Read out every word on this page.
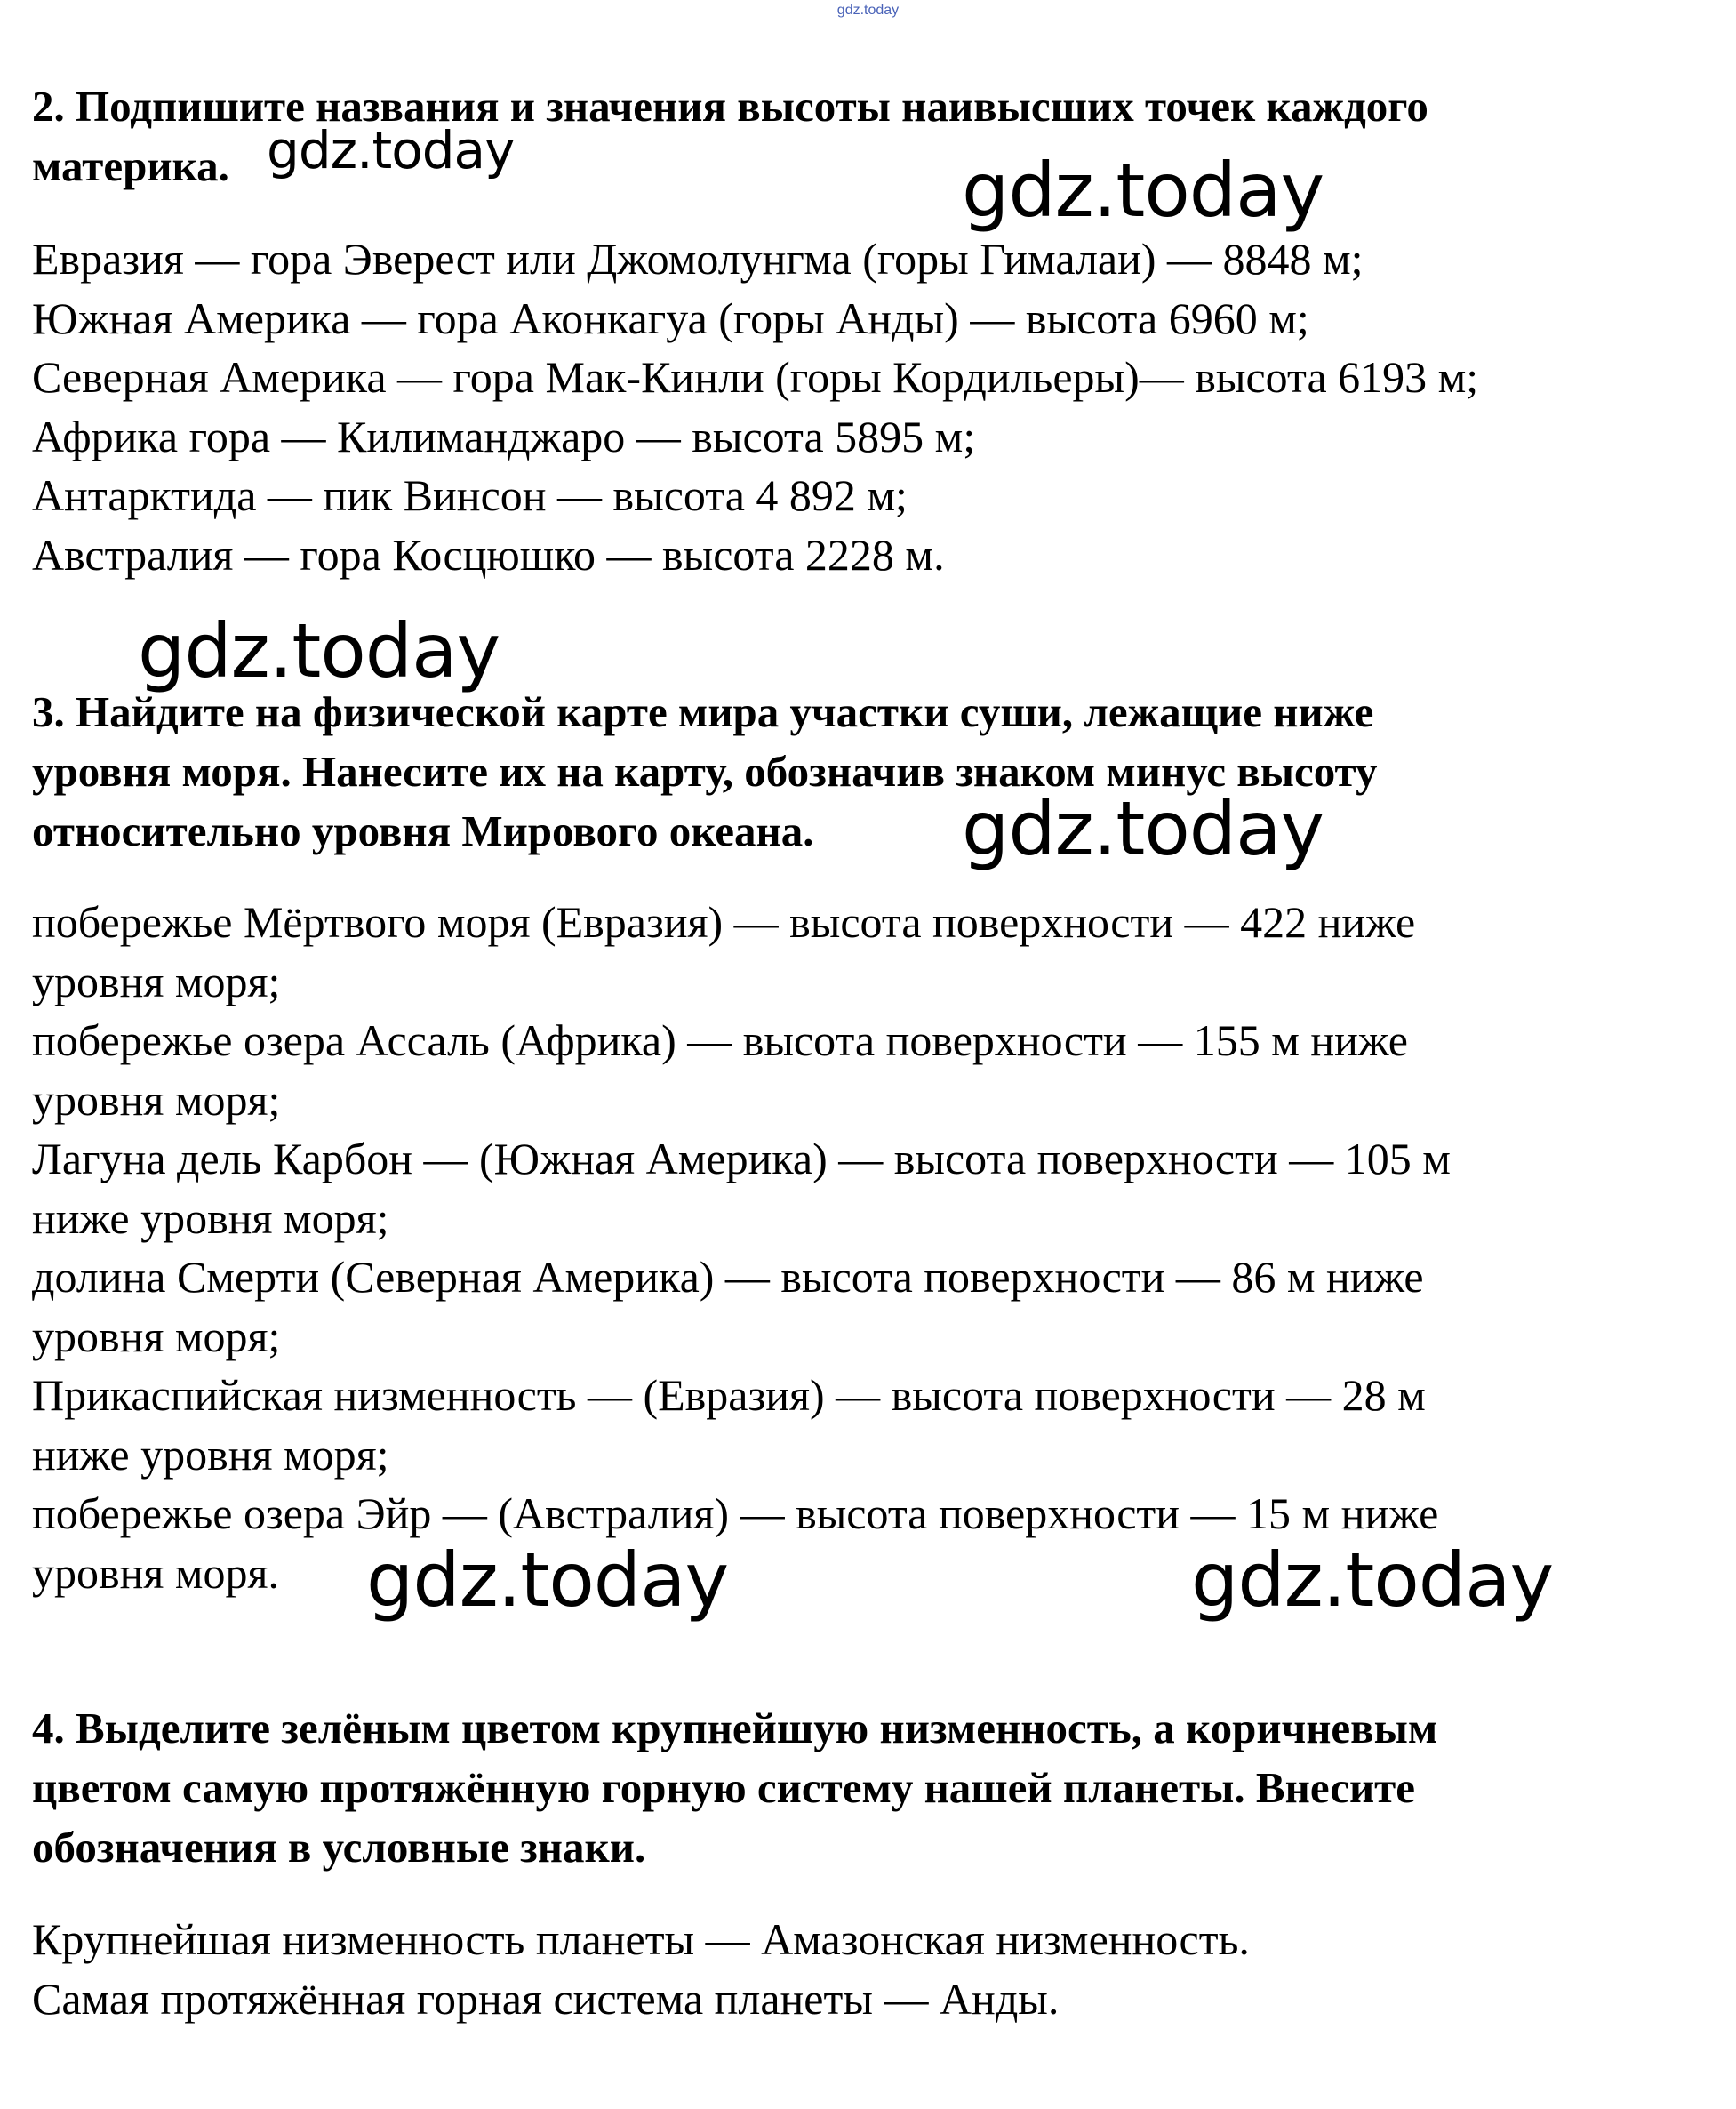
gdz.today

2. Подпишите названия и значения высоты наивысших точек каждого

материка.

Евразия — гора Эверест или Джомолунгма (горы Гималаи) — 8848 м;

Южная Америка — гора Аконкагуа (горы Анды) — высота 6960 м;

Северная Америка — гора Мак-Кинли (горы Кордильеры)— высота 6193 м;

Африка гора — Килиманджаро — высота 5895 м;

Антарктида — пик Винсон — высота 4 892 м;

Австралия — гора Косцюшко — высота 2228 м.

3. Найдите на физической карте мира участки суши, лежащие ниже

уровня моря. Нанесите их на карту, обозначив знаком минус высоту

относительно уровня Мирового океана.

побережье Мёртвого моря (Евразия) — высота поверхности — 422 ниже

уровня моря;

побережье озера Ассаль (Африка) — высота поверхности — 155 м ниже

уровня моря;

Лагуна дель Карбон — (Южная Америка) — высота поверхности — 105 м

ниже уровня моря;

долина Смерти (Северная Америка) — высота поверхности — 86 м ниже

уровня моря;

Прикаспийская низменность — (Евразия) — высота поверхности — 28 м

ниже уровня моря;

побережье озера Эйр — (Австралия) — высота поверхности — 15 м ниже

уровня моря.

4. Выделите зелёным цветом крупнейшую низменность, а коричневым

цветом самую протяжённую горную систему нашей планеты. Внесите

обозначения в условные знаки.

Крупнейшая низменность планеты — Амазонская низменность.

Самая протяжённая горная система планеты — Анды.

gdz.today	gdz.today
gdz.today
gdz.today
gdz.today	gdz.today
